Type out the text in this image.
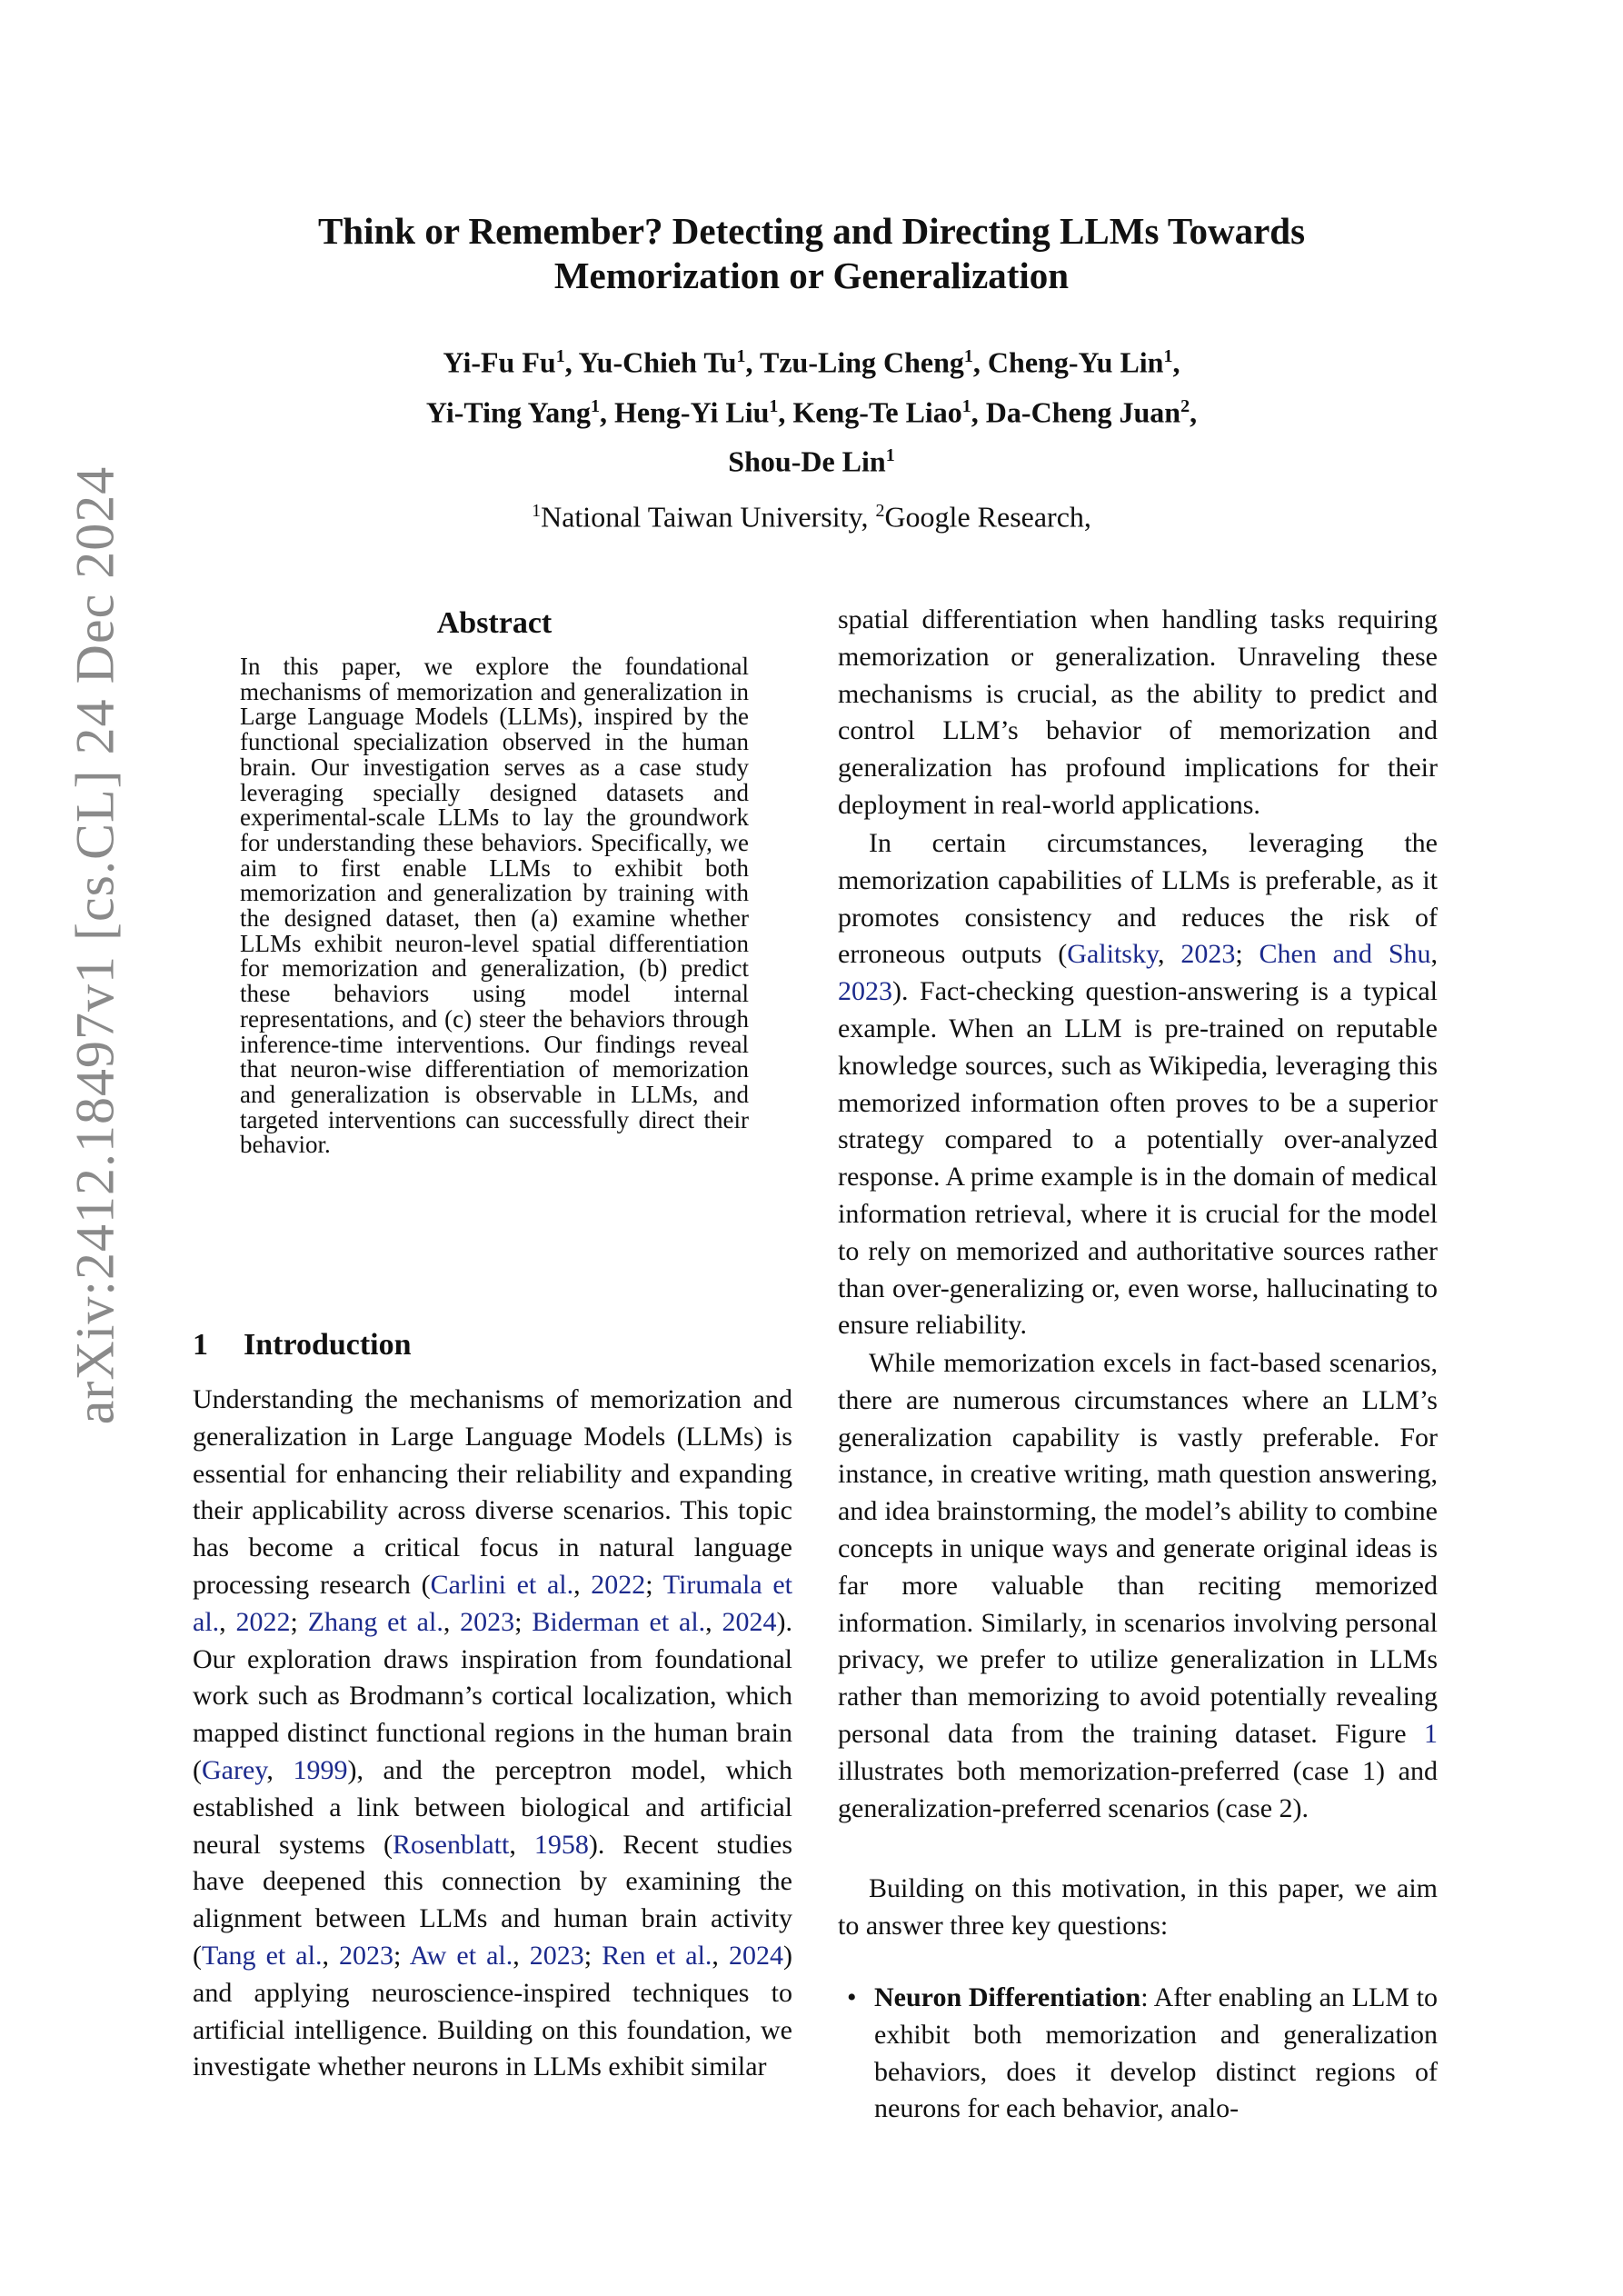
arXiv:2412.18497v1 [cs.CL] 24 Dec 2024
Think or Remember? Detecting and Directing LLMs Towards
Memorization or Generalization
Yi-Fu Fu$^1$, Yu-Chieh Tu$^1$, Tzu-Ling Cheng$^1$, Cheng-Yu Lin$^1$,
Yi-Ting Yang$^1$, Heng-Yi Liu$^1$, Keng-Te Liao$^1$, Da-Cheng Juan$^2$,
Shou-De Lin$^1$
$^1$National Taiwan University, $^2$Google Research,
Abstract

In this paper, we explore the foundational mechanisms of memorization and generalization in Large Language Models (LLMs), inspired by the functional specialization observed in the human brain. Our investigation serves as a case study leveraging specially designed datasets and experimental-scale LLMs to lay the groundwork for understanding these behaviors. Specifically, we aim to first enable LLMs to exhibit both memorization and generalization by training with the designed dataset, then (a) examine whether LLMs exhibit neuron-level spatial differentiation for memorization and generalization, (b) predict these behaviors using model internal representations, and (c) steer the behaviors through inference-time interventions. Our findings reveal that neuron-wise differentiation of memorization and generalization is observable in LLMs, and targeted interventions can successfully direct their behavior.

1 Introduction

Understanding the mechanisms of memorization and generalization in Large Language Models (LLMs) is essential for enhancing their reliability and expanding their applicability across diverse scenarios. This topic has become a critical focus in natural language processing research (Carlini et al., 2022; Tirumala et al., 2022; Zhang et al., 2023; Biderman et al., 2024). Our exploration draws inspiration from foundational work such as Brodmann’s cortical localization, which mapped distinct functional regions in the human brain (Garey, 1999), and the perceptron model, which established a link between biological and artificial neural systems (Rosenblatt, 1958). Recent studies have deepened this connection by examining the alignment between LLMs and human brain activity (Tang et al., 2023; Aw et al., 2023; Ren et al., 2024) and applying neuroscience-inspired techniques to artificial intelligence. Building on this foundation, we investigate whether neurons in LLMs exhibit similar

spatial differentiation when handling tasks requiring memorization or generalization. Unraveling these mechanisms is crucial, as the ability to predict and control LLM’s behavior of memorization and generalization has profound implications for their deployment in real-world applications.

In certain circumstances, leveraging the memorization capabilities of LLMs is preferable, as it promotes consistency and reduces the risk of erroneous outputs (Galitsky, 2023; Chen and Shu, 2023). Fact-checking question-answering is a typical example. When an LLM is pre-trained on reputable knowledge sources, such as Wikipedia, leveraging this memorized information often proves to be a superior strategy compared to a potentially over-analyzed response. A prime example is in the domain of medical information retrieval, where it is crucial for the model to rely on memorized and authoritative sources rather than over-generalizing or, even worse, hallucinating to ensure reliability.

While memorization excels in fact-based scenarios, there are numerous circumstances where an LLM’s generalization capability is vastly preferable. For instance, in creative writing, math question answering, and idea brainstorming, the model’s ability to combine concepts in unique ways and generate original ideas is far more valuable than reciting memorized information. Similarly, in scenarios involving personal privacy, we prefer to utilize generalization in LLMs rather than memorizing to avoid potentially revealing personal data from the training dataset. Figure 1 illustrates both memorization-preferred (case 1) and generalization-preferred scenarios (case 2).

Building on this motivation, in this paper, we aim to answer three key questions:

• Neuron Differentiation: After enabling an LLM to exhibit both memorization and generalization behaviors, does it develop distinct regions of neurons for each behavior, analo-
